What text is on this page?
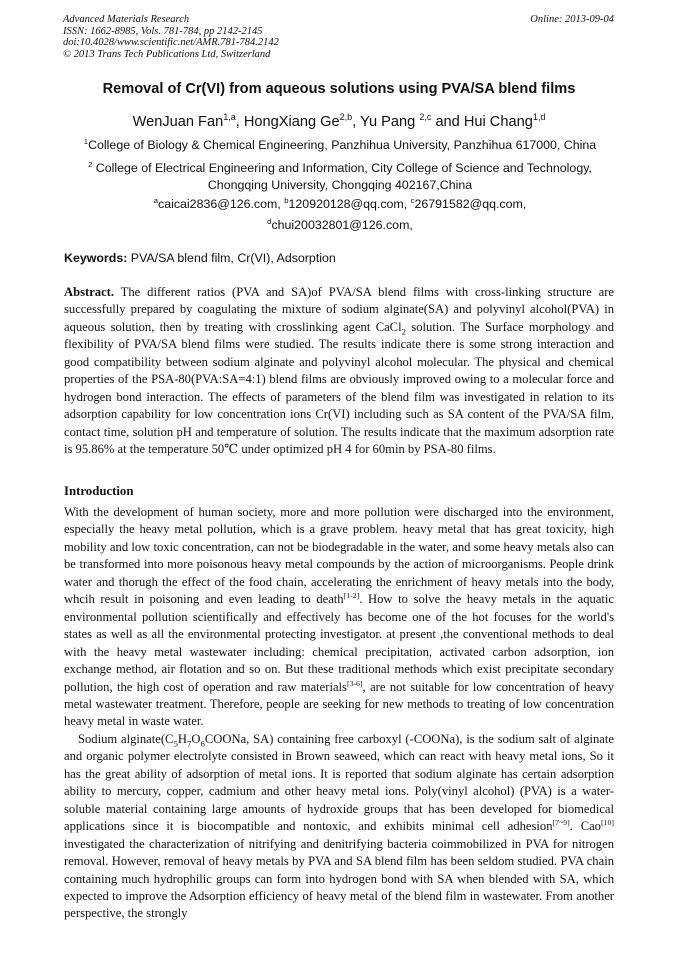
Advanced Materials Research
ISSN: 1662-8985, Vols. 781-784, pp 2142-2145
doi:10.4028/www.scientific.net/AMR.781-784.2142
© 2013 Trans Tech Publications Ltd, Switzerland
Online: 2013-09-04
Removal of Cr(VI) from aqueous solutions using PVA/SA blend films
WenJuan Fan$^{1,a}$, HongXiang Ge$^{2,b}$, Yu Pang $^{2,c}$ and Hui Chang$^{1,d}$
$^1$College of Biology & Chemical Engineering, Panzhihua University, Panzhihua 617000, China
$^2$ College of Electrical Engineering and Information, City College of Science and Technology,
Chongqing University, Chongqing 402167,China
$^a$caicai2836@126.com, $^b$120920128@qq.com, $^c$26791582@qq.com,
$^d$chui20032801@126.com,
Keywords: PVA/SA blend film, Cr(VI), Adsorption

Abstract. The different ratios (PVA and SA)of PVA/SA blend films with cross-linking structure are successfully prepared by coagulating the mixture of sodium alginate(SA) and polyvinyl alcohol(PVA) in aqueous solution, then by treating with crosslinking agent CaCl$_2$ solution. The Surface morphology and flexibility of PVA/SA blend films were studied. The results indicate there is some strong interaction and good compatibility between sodium alginate and polyvinyl alcohol molecular. The physical and chemical properties of the PSA-80(PVA:SA=4:1) blend films are obviously improved owing to a molecular force and hydrogen bond interaction. The effects of parameters of the blend film was investigated in relation to its adsorption capability for low concentration ions Cr(VI) including such as SA content of the PVA/SA film, contact time, solution pH and temperature of solution. The results indicate that the maximum adsorption rate is 95.86% at the temperature 50℃ under optimized pH 4 for 60min by PSA-80 films.

Introduction

With the development of human society, more and more pollution were discharged into the environment, especially the heavy metal pollution, which is a grave problem. heavy metal that has great toxicity, high mobility and low toxic concentration, can not be biodegradable in the water, and some heavy metals also can be transformed into more poisonous heavy metal compounds by the action of microorganisms. People drink water and thorugh the effect of the food chain, accelerating the enrichment of heavy metals into the body, whcih result in poisoning and even leading to death[1-2]. How to solve the heavy metals in the aquatic environmental pollution scientifically and effectively has become one of the hot focuses for the world's states as well as all the environmental protecting investigator. at present ,the conventional methods to deal with the heavy metal wastewater including: chemical precipitation, activated carbon adsorption, ion exchange method, air flotation and so on. But these traditional methods which exist precipitate secondary pollution, the high cost of operation and raw materials[3-6], are not suitable for low concentration of heavy metal wastewater treatment. Therefore, people are seeking for new methods to treating of low concentration heavy metal in waste water.

Sodium $alginate(C_5H_7O_6COONa$, SA) containing free carboxyl (-COONa), is the sodium salt of alginate and organic polymer electrolyte consisted in Brown seaweed, which can react with heavy metal ions, So it has the great ability of adsorption of metal ions. It is reported that sodium alginate has certain adsorption ability to mercury, copper, cadmium and other heavy metal ions. Poly(vinyl alcohol) (PVA) is a water-soluble material containing large amounts of hydroxide groups that has been developed for biomedical applications since it is biocompatible and nontoxic, and exhibits minimal cell adhesion[7~9]. Cao[10] investigated the characterization of nitrifying and denitrifying bacteria coimmobilized in PVA for nitrogen removal. However, removal of heavy metals by PVA and SA blend film has been seldom studied. PVA chain containing much hydrophilic groups can form into hydrogen bond with SA when blended with SA, which expected to improve the Adsorption efficiency of heavy metal of the blend film in wastewater. From another perspective, the strongly
